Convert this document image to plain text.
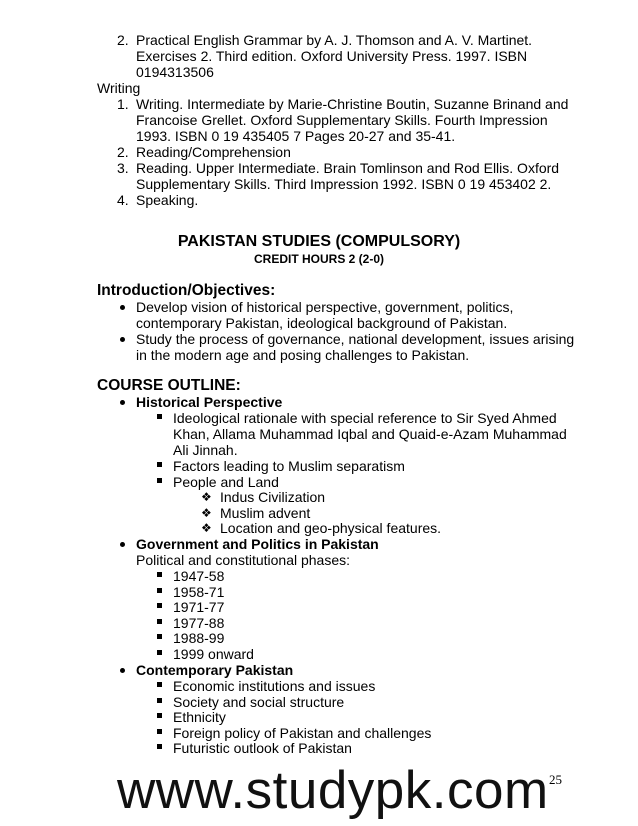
2. Practical English Grammar by A. J. Thomson and A. V. Martinet.
Exercises 2. Third edition. Oxford University Press. 1997. ISBN
0194313506
Writing
1. Writing. Intermediate by Marie-Christine Boutin, Suzanne Brinand and
Francoise Grellet. Oxford Supplementary Skills. Fourth Impression
1993. ISBN 0 19 435405 7 Pages 20-27 and 35-41.
2. Reading/Comprehension
3. Reading. Upper Intermediate. Brain Tomlinson and Rod Ellis. Oxford
Supplementary Skills. Third Impression 1992. ISBN 0 19 453402 2.
4. Speaking.
PAKISTAN STUDIES (COMPULSORY)
CREDIT HOURS 2 (2-0)
Introduction/Objectives:
Develop vision of historical perspective, government, politics,
contemporary Pakistan, ideological background of Pakistan.
Study the process of governance, national development, issues arising
in the modern age and posing challenges to Pakistan.
COURSE OUTLINE:
Historical Perspective
Ideological rationale with special reference to Sir Syed Ahmed
Khan, Allama Muhammad Iqbal and Quaid-e-Azam Muhammad
Ali Jinnah.
Factors leading to Muslim separatism
People and Land
❖ Indus Civilization
❖ Muslim advent
❖ Location and geo-physical features.
Government and Politics in Pakistan
Political and constitutional phases:
1947-58
1958-71
1971-77
1977-88
1988-99
1999 onward
Contemporary Pakistan
Economic institutions and issues
Society and social structure
Ethnicity
Foreign policy of Pakistan and challenges
Futuristic outlook of Pakistan
www.studypk.com 25
